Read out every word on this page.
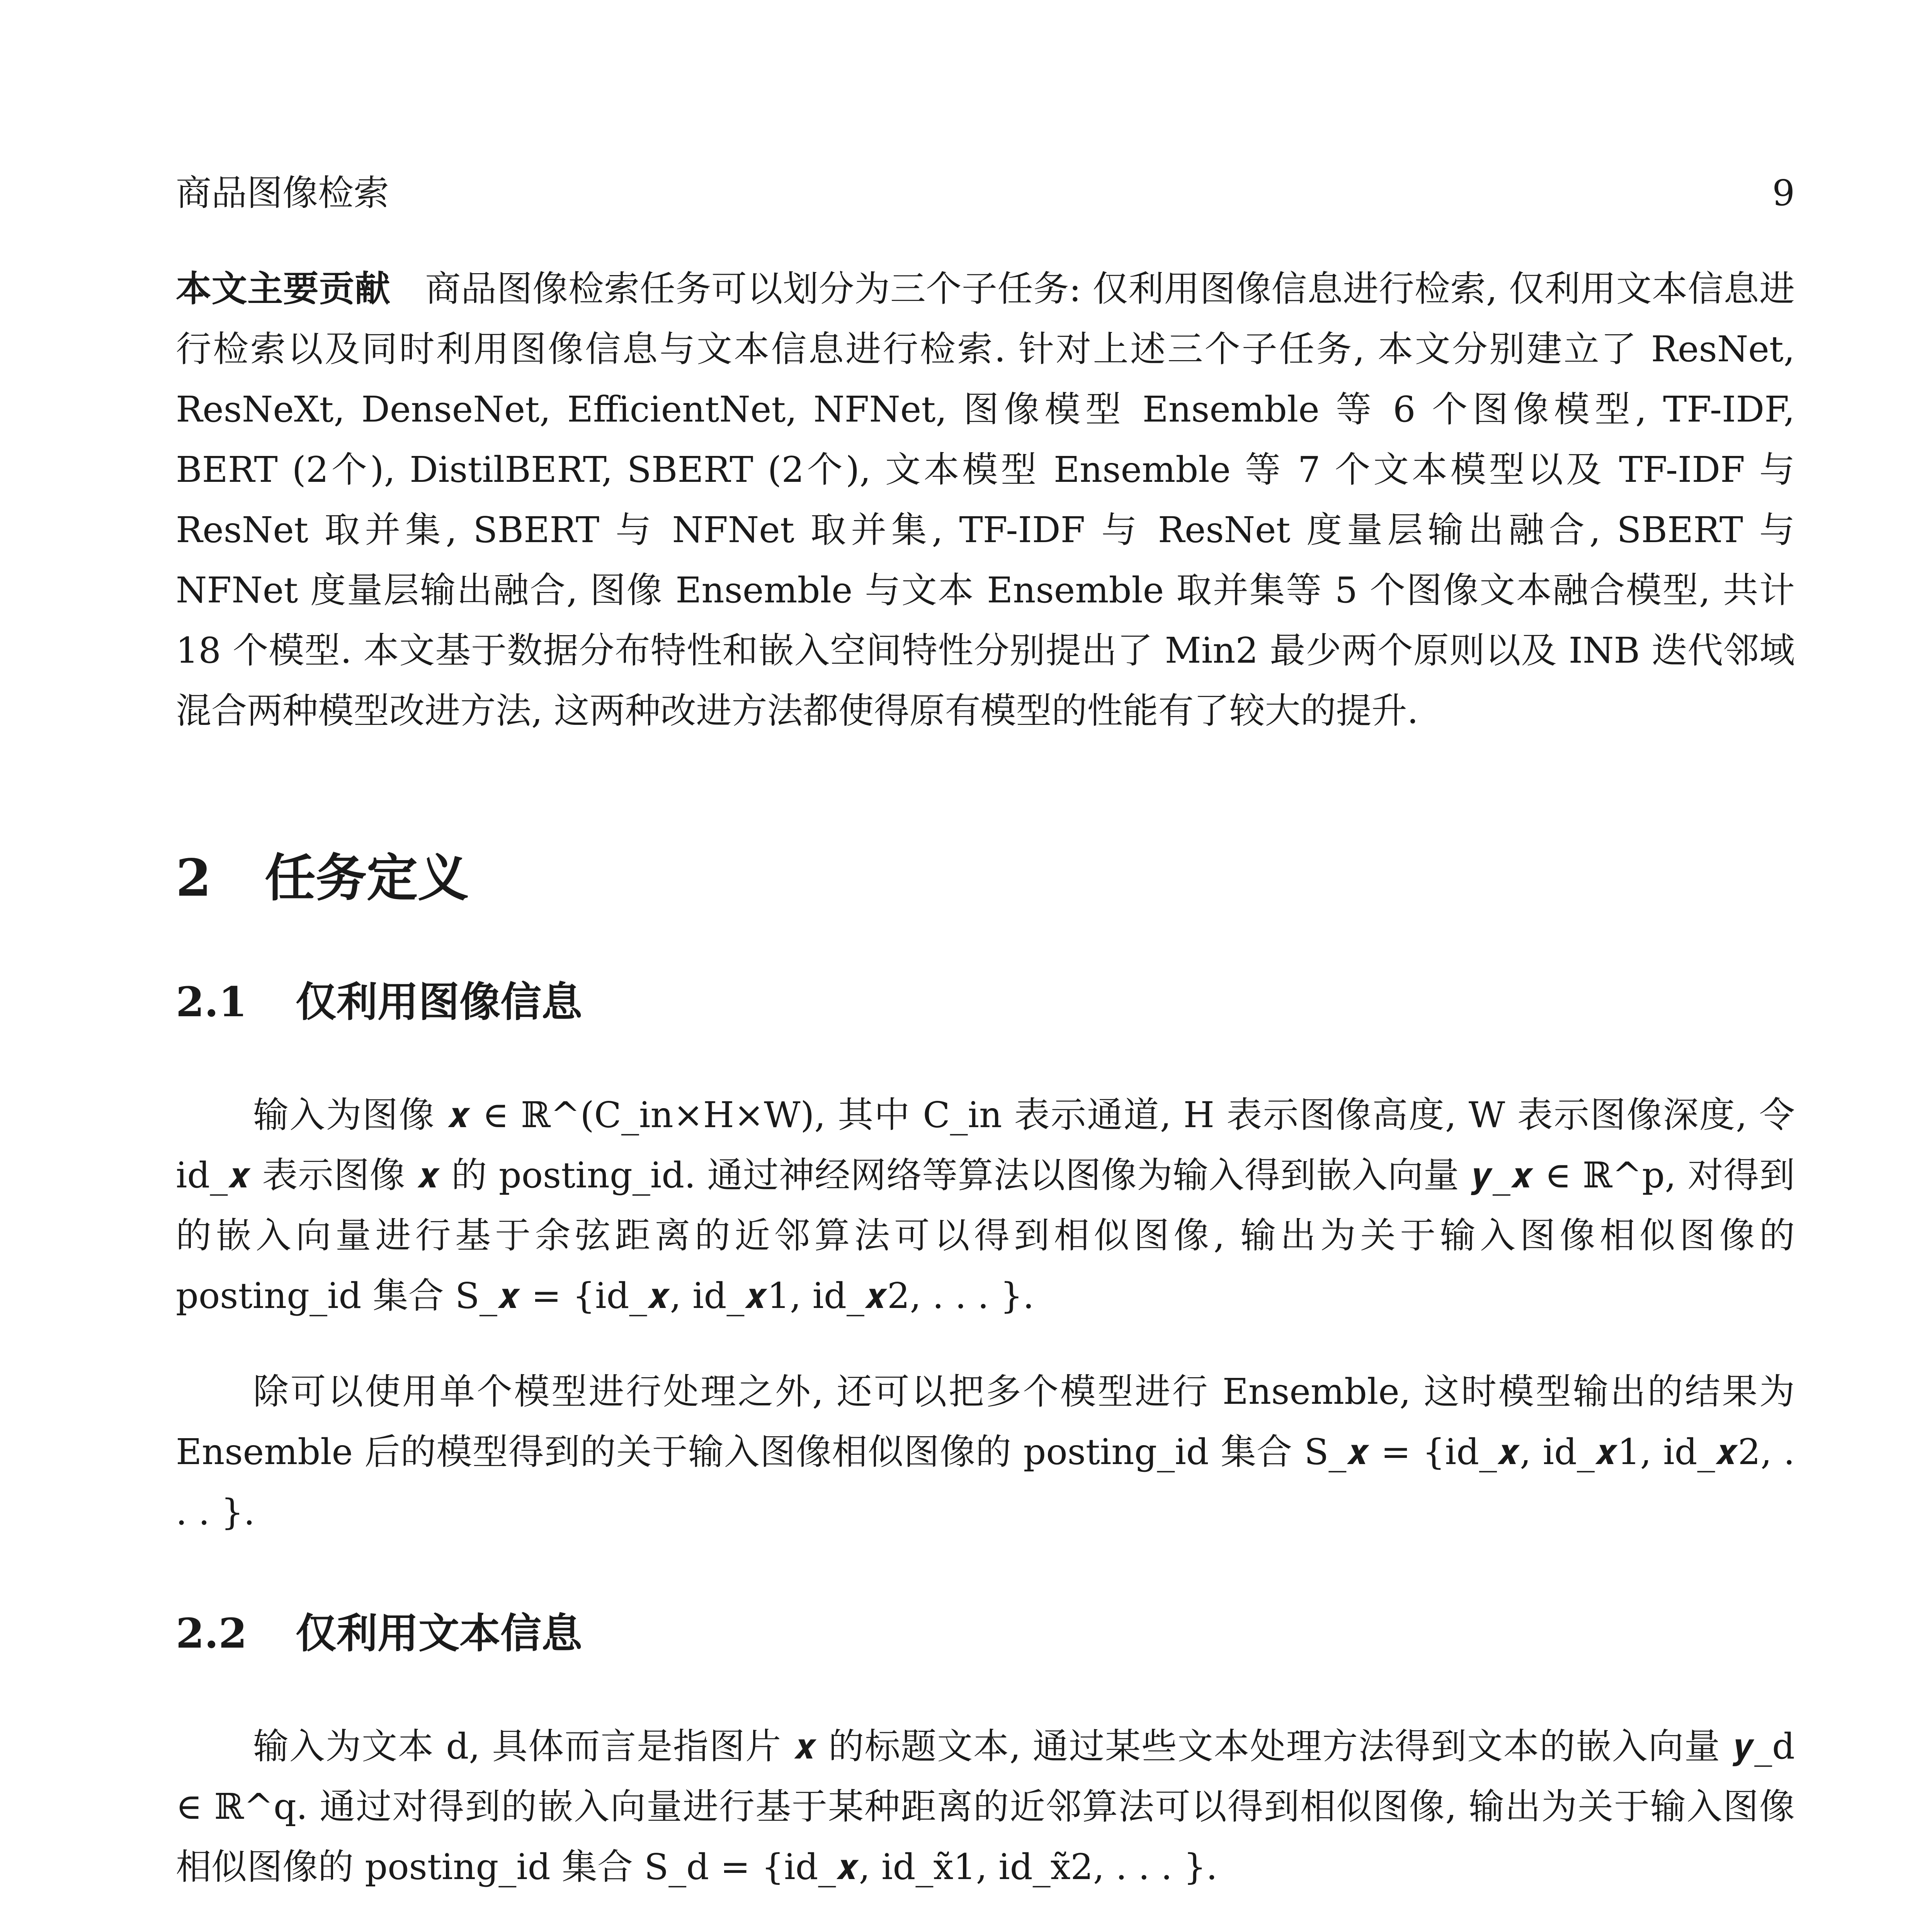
商品图像检索	9

本文主要贡献 商品图像检索任务可以划分为三个子任务: 仅利用图像信息进行检索, 仅利用文本信息进行检索以及同时利用图像信息与文本信息进行检索. 针对上述三个子任务, 本文分别建立了 ResNet, ResNeXt, DenseNet, EfficientNet, NFNet, 图像模型 Ensemble 等 6 个图像模型, TF-IDF, BERT (2个), DistilBERT, SBERT (2个), 文本模型 Ensemble 等 7 个文本模型以及 TF-IDF 与 ResNet 取并集, SBERT 与 NFNet 取并集, TF-IDF 与 ResNet 度量层输出融合, SBERT 与 NFNet 度量层输出融合, 图像 Ensemble 与文本 Ensemble 取并集等 5 个图像文本融合模型, 共计 18 个模型. 本文基于数据分布特性和嵌入空间特性分别提出了 Min2 最少两个原则以及 INB 迭代邻域混合两种模型改进方法, 这两种改进方法都使得原有模型的性能有了较大的提升.

2	任务定义
2.1	仅利用图像信息

输入为图像 𝒙 ∈ ℝ^(C_in×H×W), 其中 C_in 表示通道, H 表示图像高度, W 表示图像深度, 令 id_𝒙 表示图像 𝒙 的 posting_id. 通过神经网络等算法以图像为输入得到嵌入向量 𝒚_𝒙 ∈ ℝ^p, 对得到的嵌入向量进行基于余弦距离的近邻算法可以得到相似图像, 输出为关于输入图像相似图像的 posting_id 集合 S_𝒙 = {id_𝒙, id_𝒙1, id_𝒙2, . . . }.

除可以使用单个模型进行处理之外, 还可以把多个模型进行 Ensemble, 这时模型输出的结果为 Ensemble 后的模型得到的关于输入图像相似图像的 posting_id 集合 S_𝒙 = {id_𝒙, id_𝒙1, id_𝒙2, . . . }.

2.2	仅利用文本信息

输入为文本 d, 具体而言是指图片 𝒙 的标题文本, 通过某些文本处理方法得到文本的嵌入向量 𝒚_d ∈ ℝ^q. 通过对得到的嵌入向量进行基于某种距离的近邻算法可以得到相似图像, 输出为关于输入图像相似图像的 posting_id 集合 S_d = {id_𝒙, id_x̃1, id_x̃2, . . . }.
